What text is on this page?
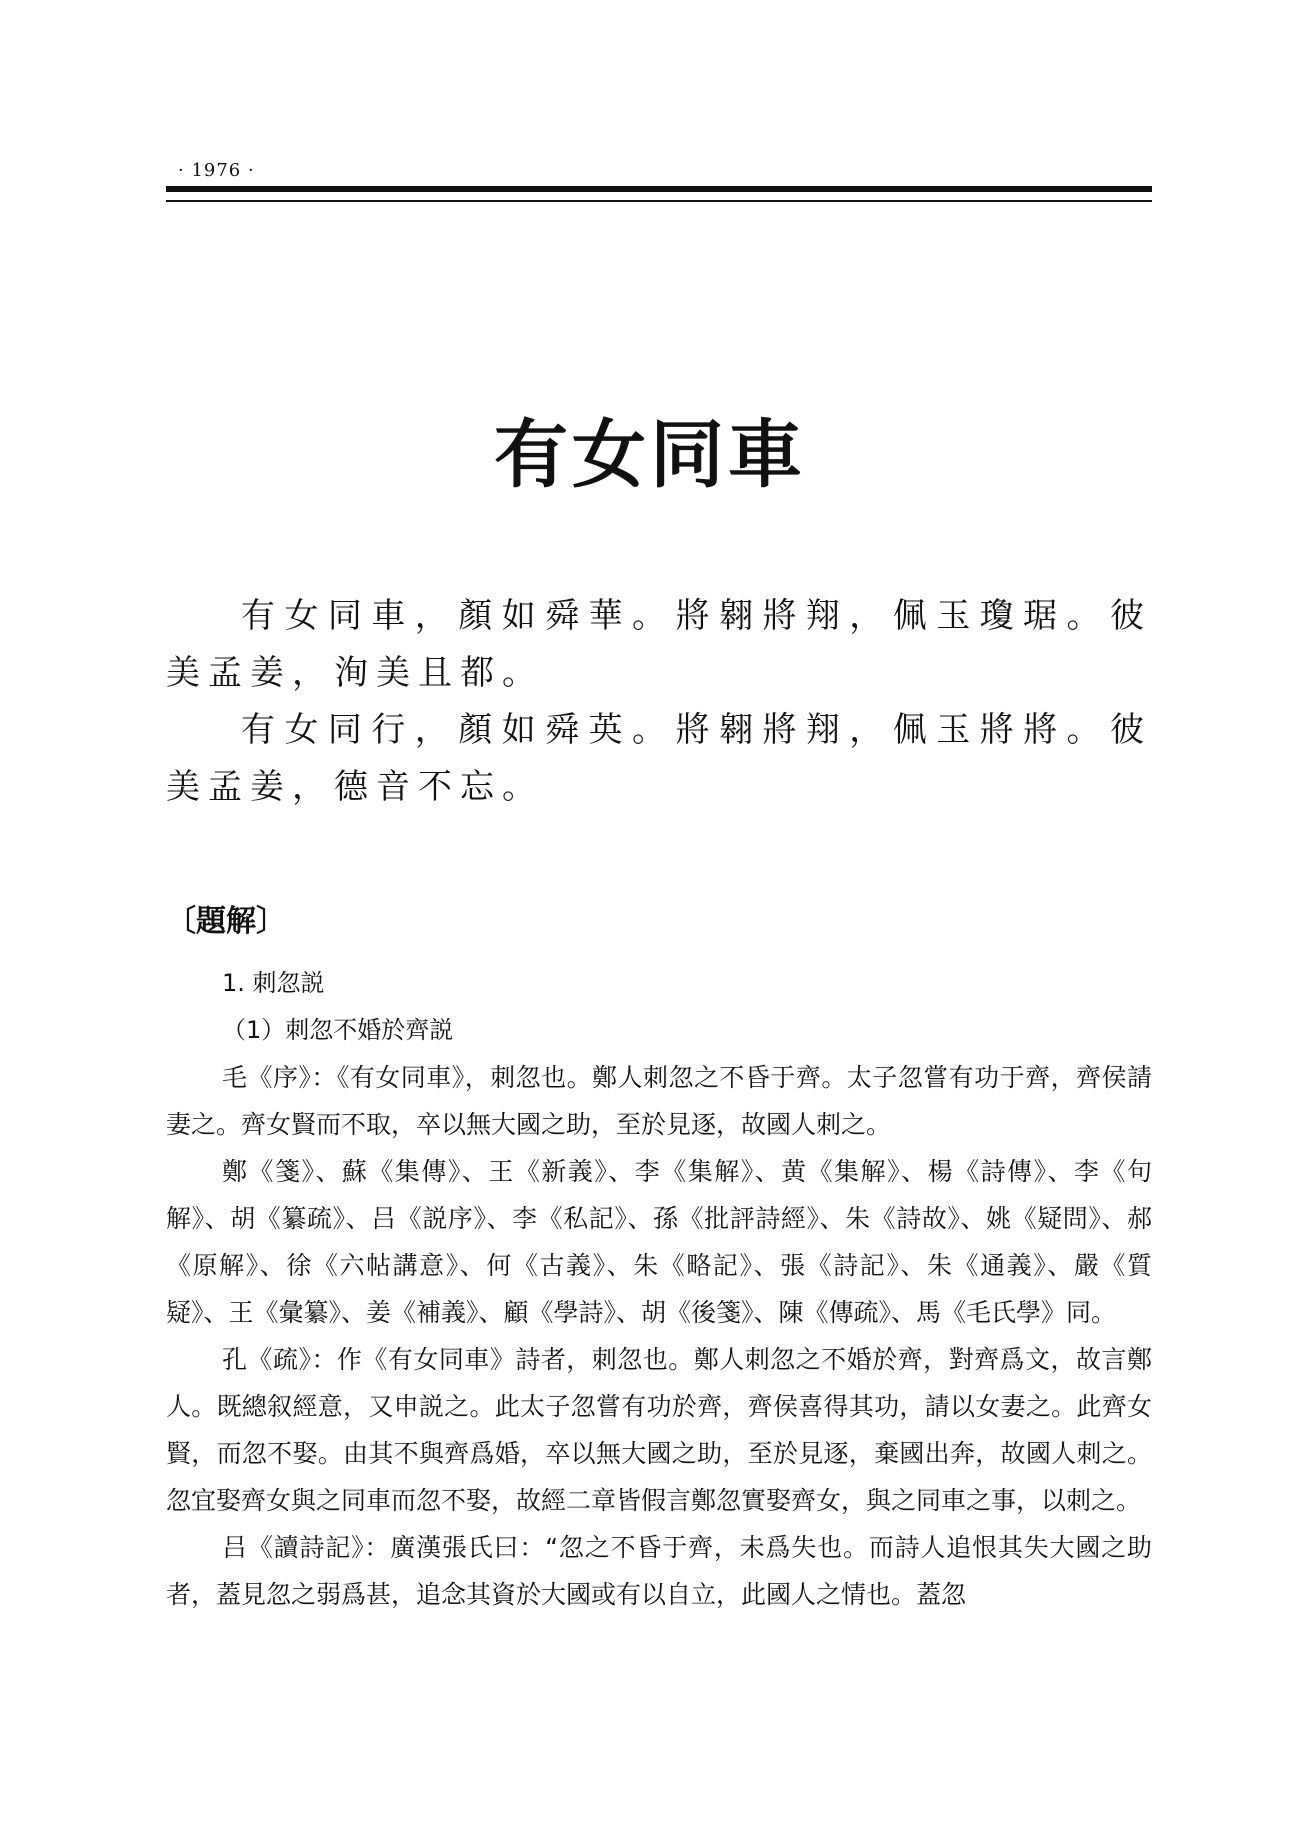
· 1976 ·
有女同車

有女同車，顏如舜華。將翱將翔，佩玉瓊琚。彼美孟姜，洵美且都。

有女同行，顏如舜英。將翱將翔，佩玉將將。彼美孟姜，德音不忘。

〔題解〕

1. 刺忽説

（1）刺忽不婚於齊説

毛《序》：《有女同車》，刺忽也。鄭人刺忽之不昏于齊。太子忽嘗有功于齊，齊侯請妻之。齊女賢而不取，卒以無大國之助，至於見逐，故國人刺之。

鄭《箋》、蘇《集傳》、王《新義》、李《集解》、黄《集解》、楊《詩傳》、李《句解》、胡《纂疏》、吕《説序》、李《私記》、孫《批評詩經》、朱《詩故》、姚《疑問》、郝《原解》、徐《六帖講意》、何《古義》、朱《略記》、張《詩記》、朱《通義》、嚴《質疑》、王《彙纂》、姜《補義》、顧《學詩》、胡《後箋》、陳《傳疏》、馬《毛氏學》同。

孔《疏》：作《有女同車》詩者，刺忽也。鄭人刺忽之不婚於齊，對齊爲文，故言鄭人。既總叙經意，又申説之。此太子忽嘗有功於齊，齊侯喜得其功，請以女妻之。此齊女賢，而忽不娶。由其不與齊爲婚，卒以無大國之助，至於見逐，棄國出奔，故國人刺之。忽宜娶齊女與之同車而忽不娶，故經二章皆假言鄭忽實娶齊女，與之同車之事，以刺之。

吕《讀詩記》：廣漢張氏曰：“忽之不昏于齊，未爲失也。而詩人追恨其失大國之助者，蓋見忽之弱爲甚，追念其資於大國或有以自立，此國人之情也。蓋忽
